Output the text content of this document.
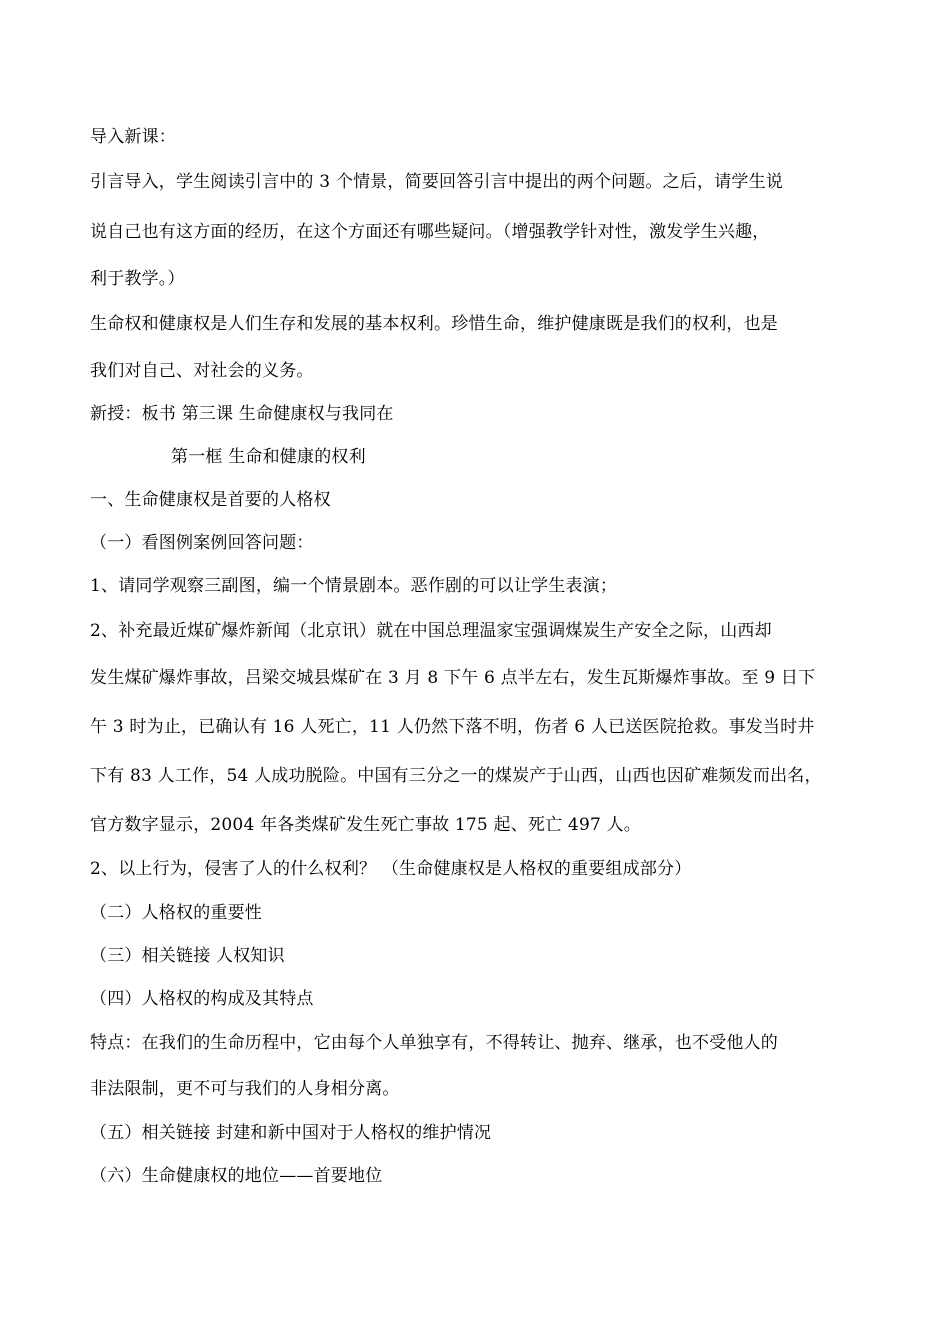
导入新课：
引言导入，学生阅读引言中的 3 个情景，简要回答引言中提出的两个问题。之后，请学生说
说自己也有这方面的经历，在这个方面还有哪些疑问。（增强教学针对性，激发学生兴趣，
利于教学。）
生命权和健康权是人们生存和发展的基本权利。珍惜生命，维护健康既是我们的权利，也是
我们对自己、对社会的义务。
新授：板书 第三课 生命健康权与我同在
第一框 生命和健康的权利
一、生命健康权是首要的人格权
（一）看图例案例回答问题：
1、请同学观察三副图，编一个情景剧本。恶作剧的可以让学生表演；
2、补充最近煤矿爆炸新闻（北京讯）就在中国总理温家宝强调煤炭生产安全之际，山西却
发生煤矿爆炸事故，吕梁交城县煤矿在 3 月 8 下午 6 点半左右，发生瓦斯爆炸事故。至 9 日下
午 3 时为止，已确认有 16 人死亡，11 人仍然下落不明，伤者 6 人已送医院抢救。事发当时井
下有 83 人工作，54 人成功脱险。中国有三分之一的煤炭产于山西，山西也因矿难频发而出名，
官方数字显示，2004 年各类煤矿发生死亡事故 175 起、死亡 497 人。
2、以上行为，侵害了人的什么权利？ （生命健康权是人格权的重要组成部分）
（二）人格权的重要性
（三）相关链接 人权知识
（四）人格权的构成及其特点
特点：在我们的生命历程中，它由每个人单独享有，不得转让、抛弃、继承，也不受他人的
非法限制，更不可与我们的人身相分离。
（五）相关链接 封建和新中国对于人格权的维护情况
（六）生命健康权的地位——首要地位
